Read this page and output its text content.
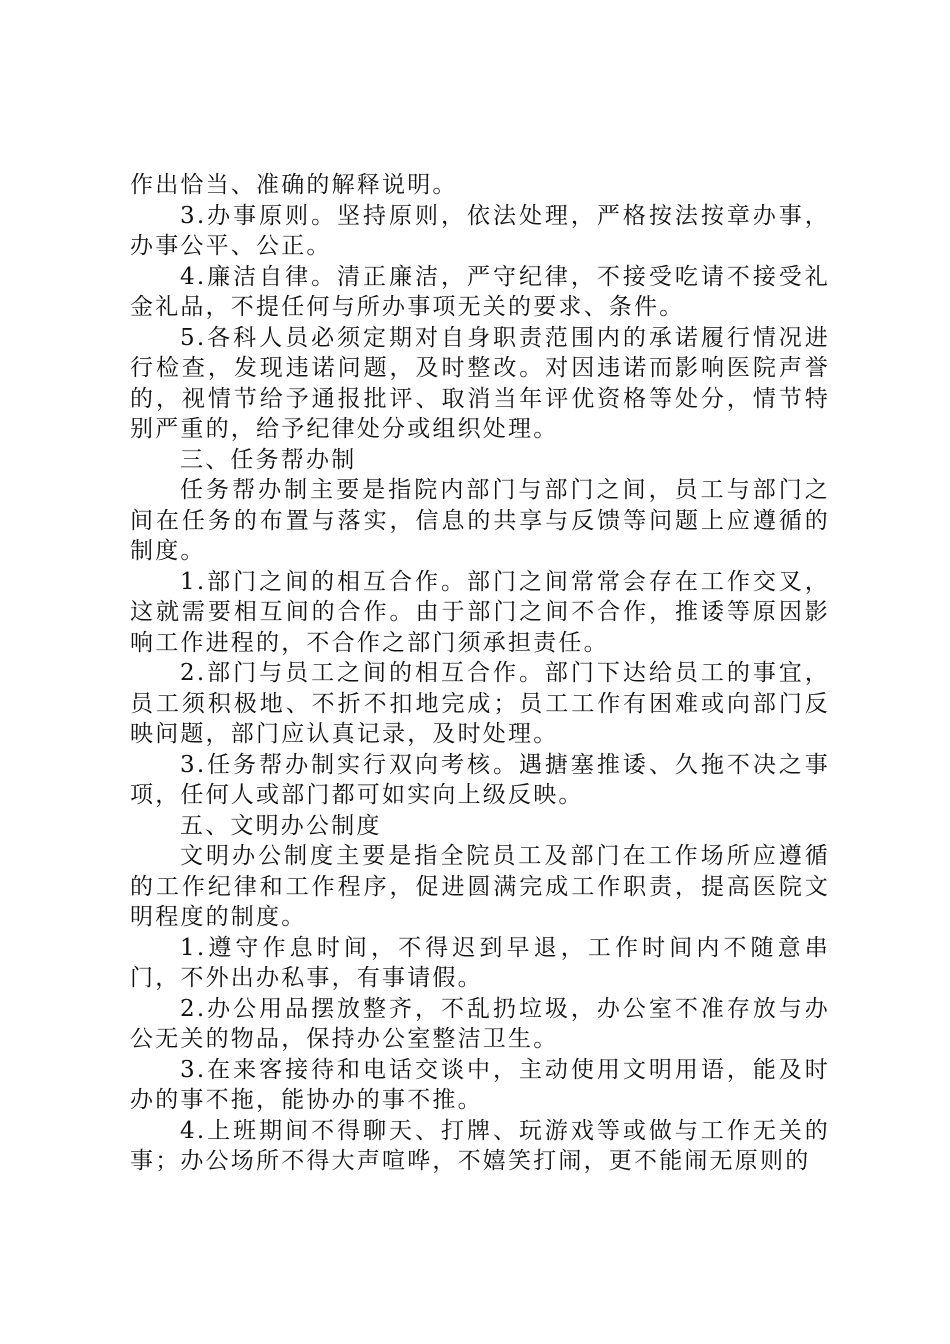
作出恰当、准确的解释说明。

3.办事原则。坚持原则，依法处理，严格按法按章办事，办事公平、公正。

4.廉洁自律。清正廉洁，严守纪律，不接受吃请不接受礼金礼品，不提任何与所办事项无关的要求、条件。

5.各科人员必须定期对自身职责范围内的承诺履行情况进行检查，发现违诺问题，及时整改。对因违诺而影响医院声誉的，视情节给予通报批评、取消当年评优资格等处分，情节特别严重的，给予纪律处分或组织处理。

三、任务帮办制

任务帮办制主要是指院内部门与部门之间，员工与部门之间在任务的布置与落实，信息的共享与反馈等问题上应遵循的制度。

1.部门之间的相互合作。部门之间常常会存在工作交叉，这就需要相互间的合作。由于部门之间不合作，推诿等原因影响工作进程的，不合作之部门须承担责任。

2.部门与员工之间的相互合作。部门下达给员工的事宜，员工须积极地、不折不扣地完成；员工工作有困难或向部门反映问题，部门应认真记录，及时处理。

3.任务帮办制实行双向考核。遇搪塞推诿、久拖不决之事项，任何人或部门都可如实向上级反映。

五、文明办公制度

文明办公制度主要是指全院员工及部门在工作场所应遵循的工作纪律和工作程序，促进圆满完成工作职责，提高医院文明程度的制度。

1.遵守作息时间，不得迟到早退，工作时间内不随意串门，不外出办私事，有事请假。

2.办公用品摆放整齐，不乱扔垃圾，办公室不准存放与办公无关的物品，保持办公室整洁卫生。

3.在来客接待和电话交谈中，主动使用文明用语，能及时办的事不拖，能协办的事不推。

4.上班期间不得聊天、打牌、玩游戏等或做与工作无关的事；办公场所不得大声喧哗，不嬉笑打闹，更不能闹无原则的
